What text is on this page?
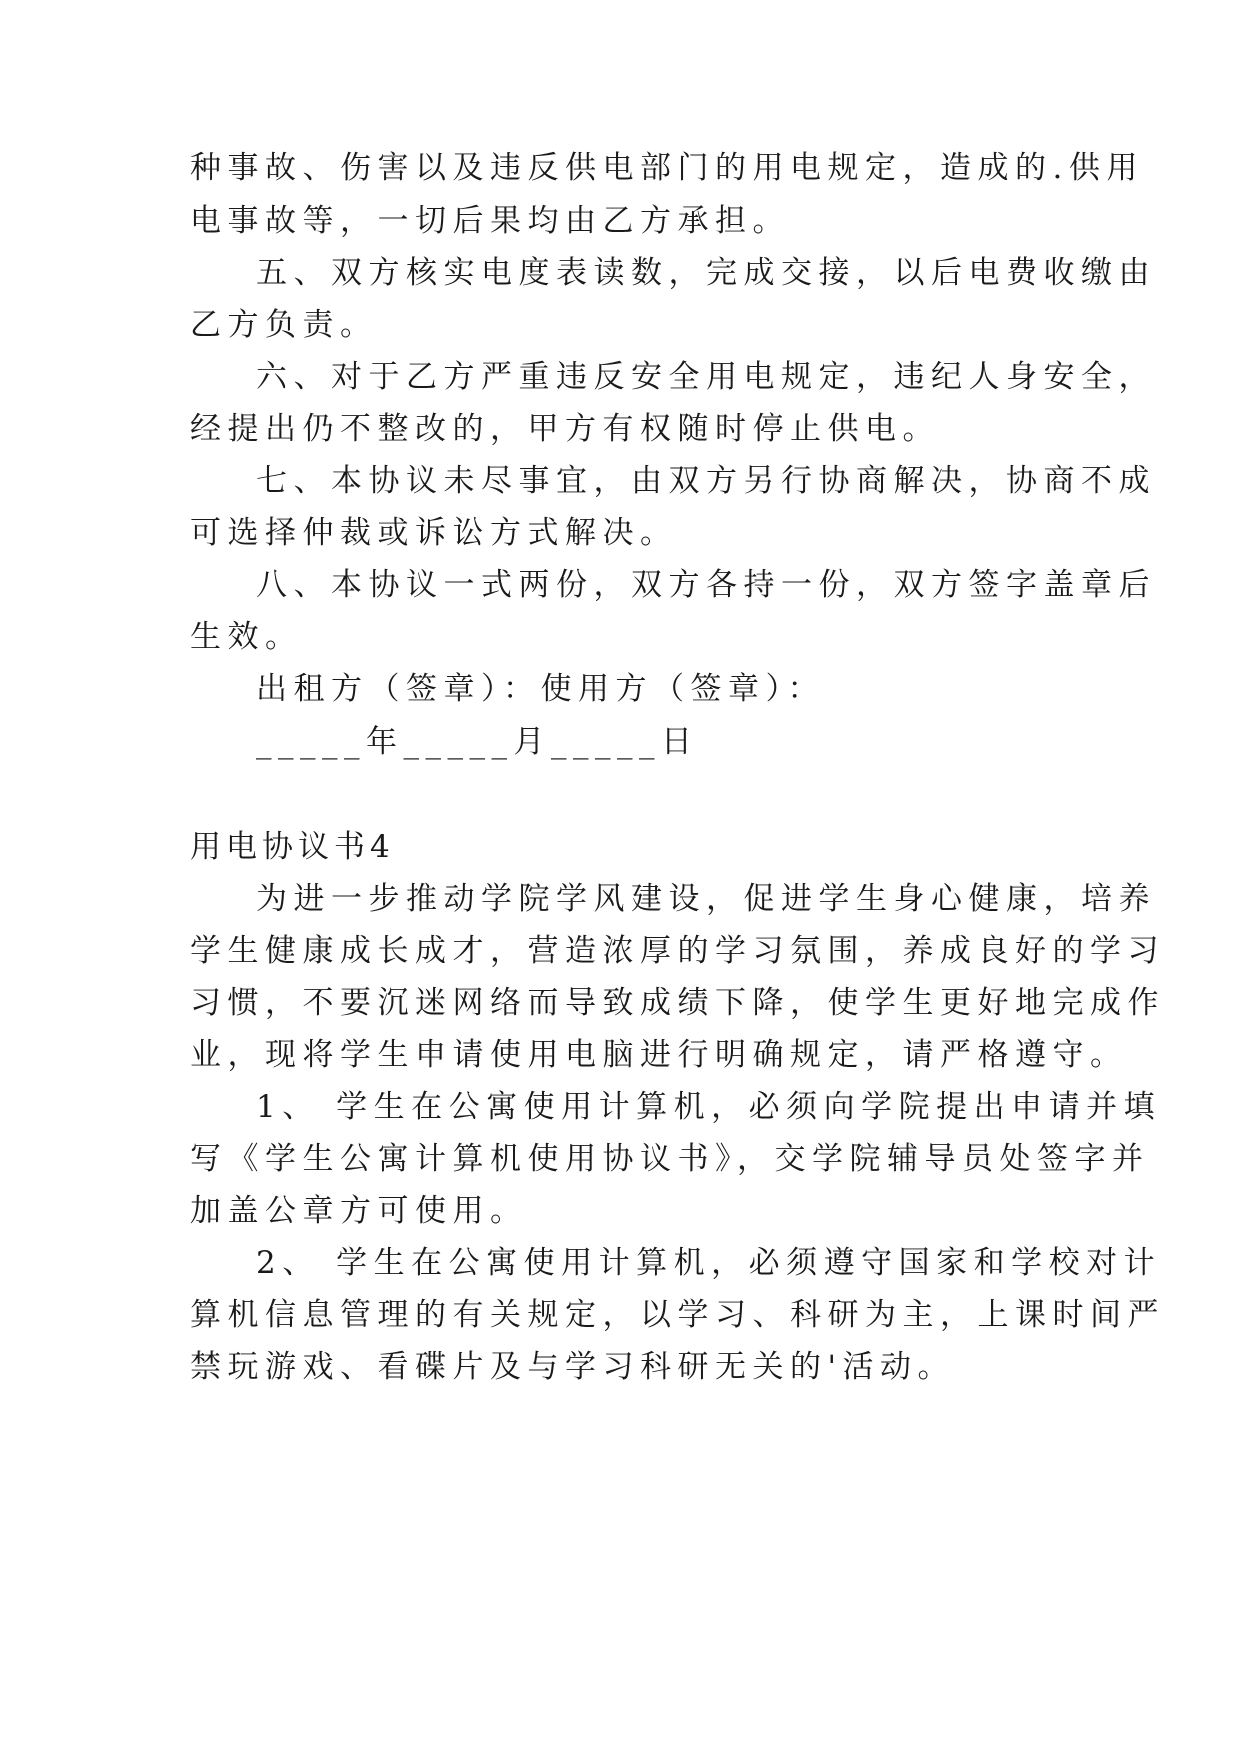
种事故、伤害以及违反供电部门的用电规定，造成的.供用
电事故等，一切后果均由乙方承担。
五、双方核实电度表读数，完成交接，以后电费收缴由
乙方负责。
六、对于乙方严重违反安全用电规定，违纪人身安全，
经提出仍不整改的，甲方有权随时停止供电。
七、本协议未尽事宜，由双方另行协商解决，协商不成
可选择仲裁或诉讼方式解决。
八、本协议一式两份，双方各持一份，双方签字盖章后
生效。
出租方（签章）：使用方（签章）：
_____年_____月_____日
用电协议书4
为进一步推动学院学风建设，促进学生身心健康，培养
学生健康成长成才，营造浓厚的学习氛围，养成良好的学习
习惯，不要沉迷网络而导致成绩下降，使学生更好地完成作
业，现将学生申请使用电脑进行明确规定，请严格遵守。
1、 学生在公寓使用计算机，必须向学院提出申请并填
写《学生公寓计算机使用协议书》，交学院辅导员处签字并
加盖公章方可使用。
2、 学生在公寓使用计算机，必须遵守国家和学校对计
算机信息管理的有关规定，以学习、科研为主，上课时间严
禁玩游戏、看碟片及与学习科研无关的'活动。
